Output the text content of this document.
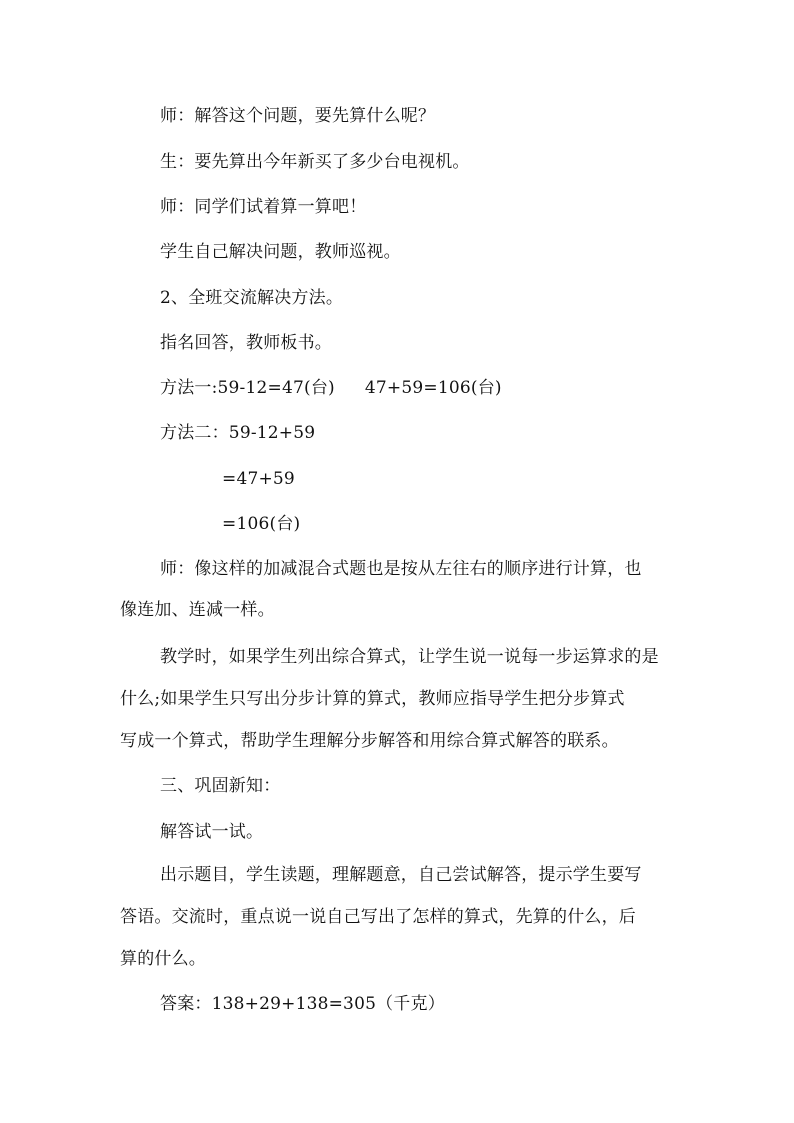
师：解答这个问题，要先算什么呢？
生：要先算出今年新买了多少台电视机。
师：同学们试着算一算吧！
学生自己解决问题，教师巡视。
2、全班交流解决方法。
指名回答，教师板书。
方法一:59-12=47(台) 47+59=106(台)
方法二：59-12+59
=47+59
=106(台)
师：像这样的加减混合式题也是按从左往右的顺序进行计算，也
像连加、连减一样。
教学时，如果学生列出综合算式，让学生说一说每一步运算求的是
什么;如果学生只写出分步计算的算式，教师应指导学生把分步算式
写成一个算式，帮助学生理解分步解答和用综合算式解答的联系。
三、巩固新知：
解答试一试。
出示题目，学生读题，理解题意，自己尝试解答，提示学生要写
答语。交流时，重点说一说自己写出了怎样的算式，先算的什么，后
算的什么。
答案：138+29+138=305（千克）
